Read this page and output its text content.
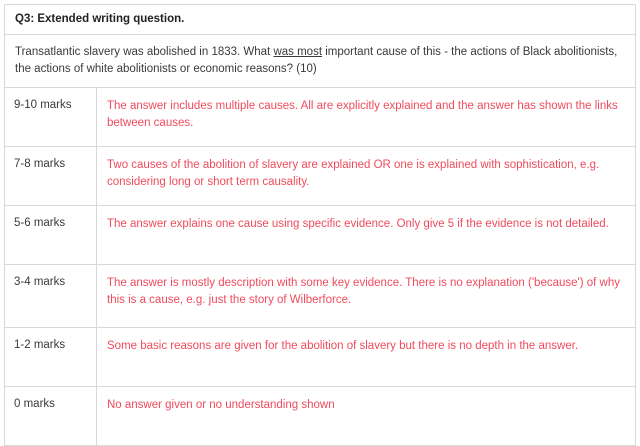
Q3: Extended writing question.
Transatlantic slavery was abolished in 1833. What was most important cause of this - the actions of Black abolitionists, the actions of white abolitionists or economic reasons? (10)
9-10 marks	The answer includes multiple causes. All are explicitly explained and the answer has shown the links between causes.
7-8 marks	Two causes of the abolition of slavery are explained OR one is explained with sophistication, e.g. considering long or short term causality.
5-6 marks	The answer explains one cause using specific evidence. Only give 5 if the evidence is not detailed.
3-4 marks	The answer is mostly description with some key evidence. There is no explanation ('because') of why this is a cause, e.g. just the story of Wilberforce.
1-2 marks	Some basic reasons are given for the abolition of slavery but there is no depth in the answer.
0 marks	No answer given or no understanding shown
